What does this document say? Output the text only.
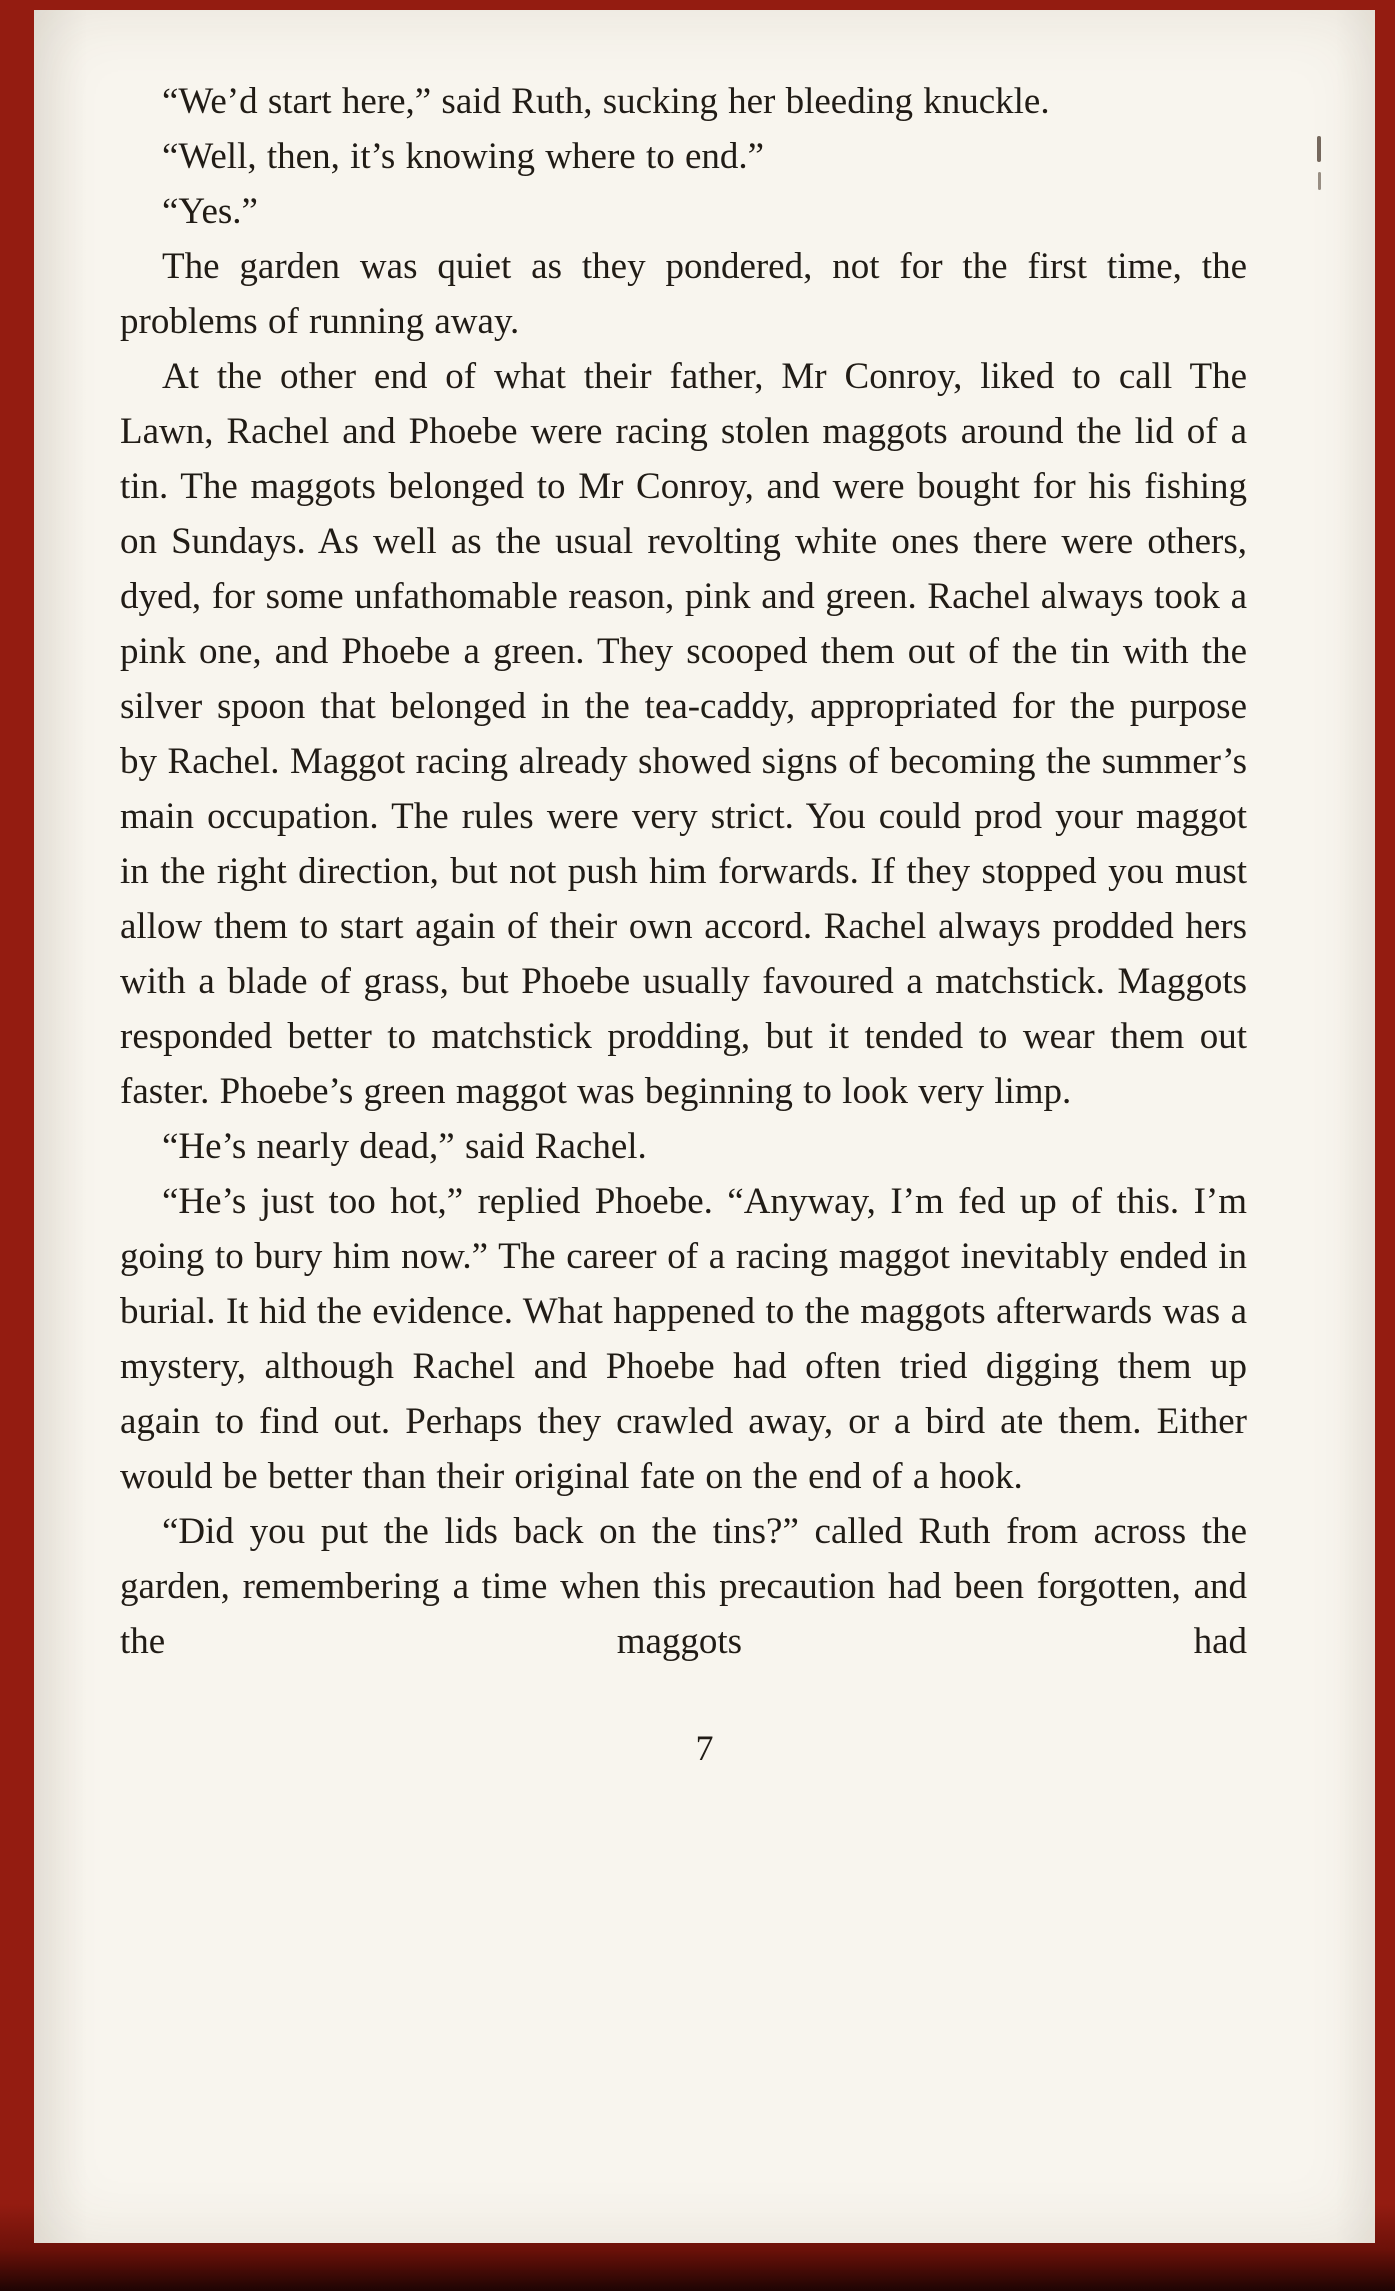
“We’d start here,” said Ruth, sucking her bleeding knuckle.

“Well, then, it’s knowing where to end.”

“Yes.”

The garden was quiet as they pondered, not for the first time, the problems of running away.

At the other end of what their father, Mr Conroy, liked to call The Lawn, Rachel and Phoebe were racing stolen maggots around the lid of a tin. The maggots belonged to Mr Conroy, and were bought for his fishing on Sundays. As well as the usual revolting white ones there were others, dyed, for some unfathomable reason, pink and green. Rachel always took a pink one, and Phoebe a green. They scooped them out of the tin with the silver spoon that belonged in the tea-caddy, appropriated for the purpose by Rachel. Maggot racing already showed signs of becoming the summer’s main occupation. The rules were very strict. You could prod your maggot in the right direction, but not push him forwards. If they stopped you must allow them to start again of their own accord. Rachel always prodded hers with a blade of grass, but Phoebe usually favoured a matchstick. Maggots responded better to matchstick prodding, but it tended to wear them out faster. Phoebe’s green maggot was beginning to look very limp.

“He’s nearly dead,” said Rachel.

“He’s just too hot,” replied Phoebe. “Anyway, I’m fed up of this. I’m going to bury him now.” The career of a racing maggot inevitably ended in burial. It hid the evidence. What happened to the maggots afterwards was a mystery, although Rachel and Phoebe had often tried digging them up again to find out. Perhaps they crawled away, or a bird ate them. Either would be better than their original fate on the end of a hook.

“Did you put the lids back on the tins?” called Ruth from across the garden, remembering a time when this precaution had been forgotten, and the maggots had

7
